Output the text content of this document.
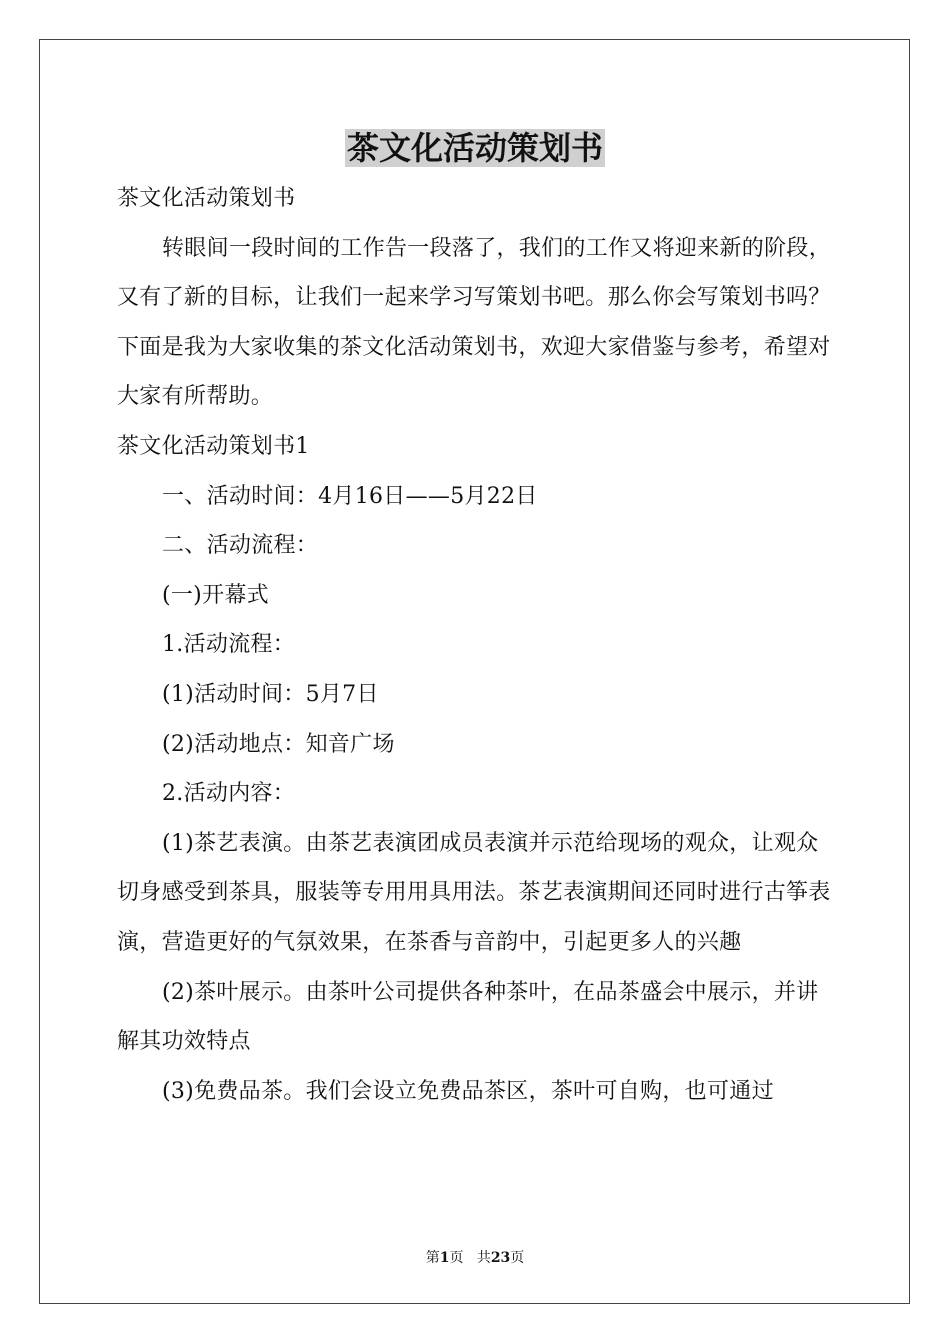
茶文化活动策划书

茶文化活动策划书

转眼间一段时间的工作告一段落了，我们的工作又将迎来新的阶段，又有了新的目标，让我们一起来学习写策划书吧。那么你会写策划书吗？下面是我为大家收集的茶文化活动策划书，欢迎大家借鉴与参考，希望对大家有所帮助。

茶文化活动策划书1

一、活动时间：4月16日——5月22日

二、活动流程：

(一)开幕式

1.活动流程：

(1)活动时间：5月7日

(2)活动地点：知音广场

2.活动内容：

(1)茶艺表演。由茶艺表演团成员表演并示范给现场的观众，让观众切身感受到茶具，服装等专用用具用法。茶艺表演期间还同时进行古筝表演，营造更好的气氛效果，在茶香与音韵中，引起更多人的兴趣

(2)茶叶展示。由茶叶公司提供各种茶叶，在品茶盛会中展示，并讲解其功效特点

(3)免费品茶。我们会设立免费品茶区，茶叶可自购，也可通过

第1页 共23页
